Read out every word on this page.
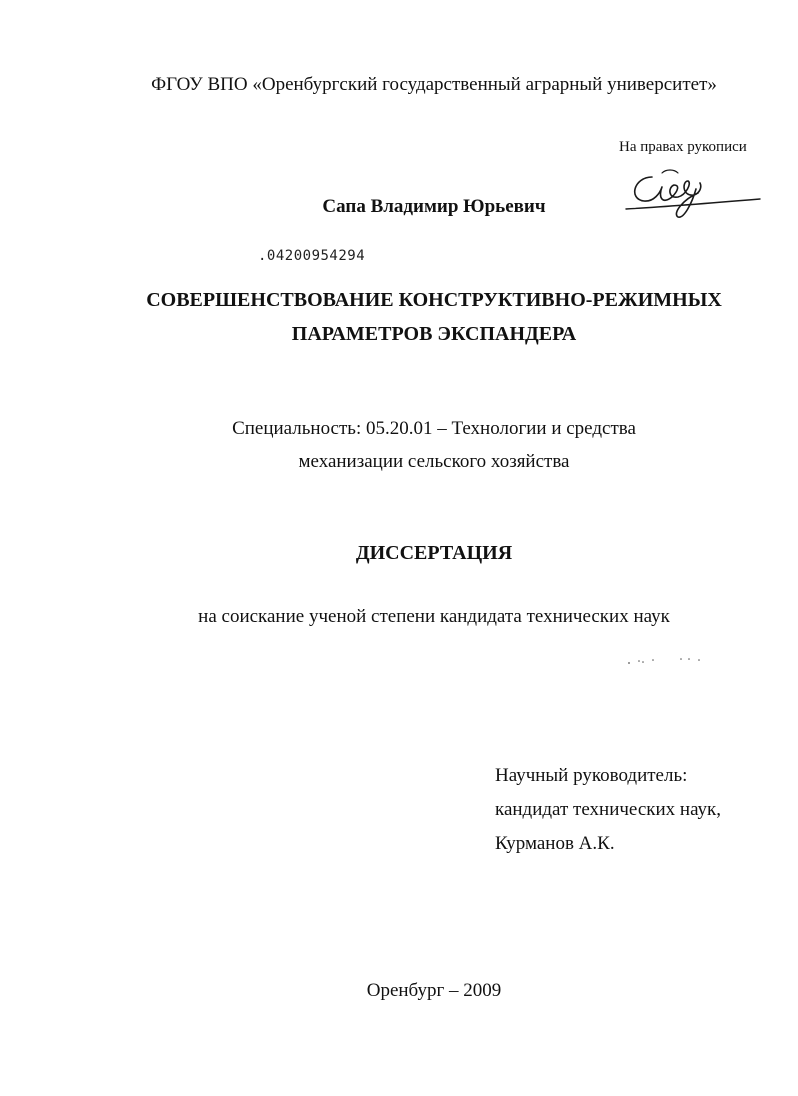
ФГОУ ВПО «Оренбургский государственный аграрный университет»
На правах рукописи
Сапа Владимир Юрьевич
.04200954294
СОВЕРШЕНСТВОВАНИЕ КОНСТРУКТИВНО-РЕЖИМНЫХ
ПАРАМЕТРОВ ЭКСПАНДЕРА
Специальность: 05.20.01 – Технологии и средства
механизации сельского хозяйства
ДИССЕРТАЦИЯ
на соискание ученой степени кандидата технических наук
Научный руководитель:
кандидат технических наук,
Курманов А.К.
Оренбург – 2009
